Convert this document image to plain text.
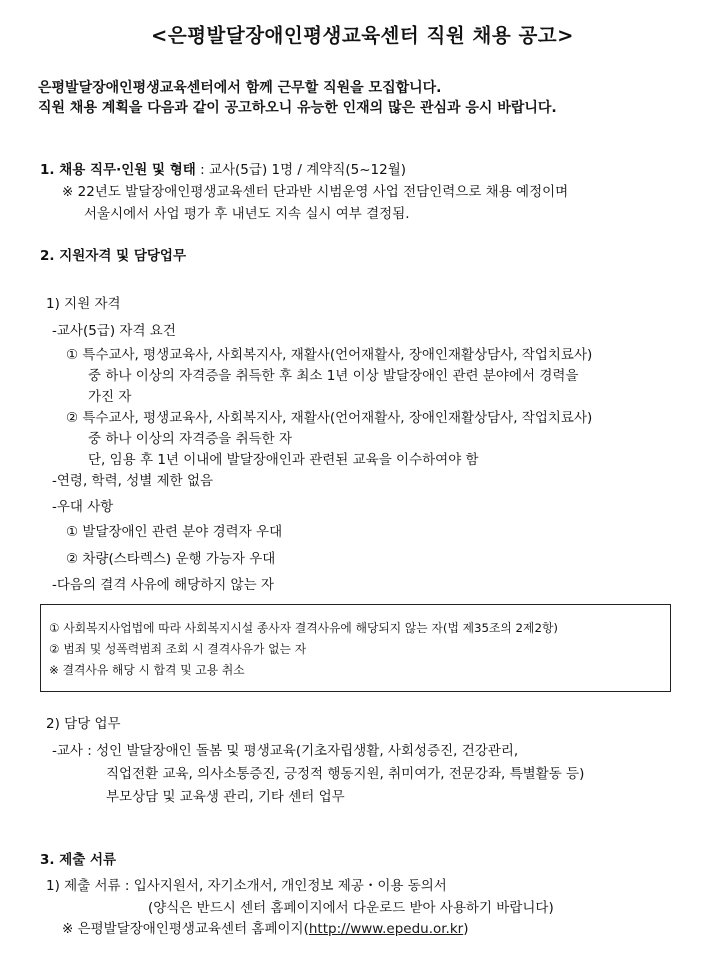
<은평발달장애인평생교육센터 직원 채용 공고>
은평발달장애인평생교육센터에서 함께 근무할 직원을 모집합니다.
직원 채용 계획을 다음과 같이 공고하오니 유능한 인재의 많은 관심과 응시 바랍니다.
1. 채용 직무·인원 및 형태 : 교사(5급) 1명 / 계약직(5~12월)
※ 22년도 발달장애인평생교육센터 단과반 시범운영 사업 전담인력으로 채용 예정이며
서울시에서 사업 평가 후 내년도 지속 실시 여부 결정됨.
2. 지원자격 및 담당업무
1) 지원 자격
-교사(5급) 자격 요건
① 특수교사, 평생교육사, 사회복지사, 재활사(언어재활사, 장애인재활상담사, 작업치료사)
중 하나 이상의 자격증을 취득한 후 최소 1년 이상 발달장애인 관련 분야에서 경력을
가진 자
② 특수교사, 평생교육사, 사회복지사, 재활사(언어재활사, 장애인재활상담사, 작업치료사)
중 하나 이상의 자격증을 취득한 자
단, 임용 후 1년 이내에 발달장애인과 관련된 교육을 이수하여야 함
-연령, 학력, 성별 제한 없음
-우대 사항
① 발달장애인 관련 분야 경력자 우대
② 차량(스타렉스) 운행 가능자 우대
-다음의 결격 사유에 해당하지 않는 자
① 사회복지사업법에 따라 사회복지시설 종사자 결격사유에 해당되지 않는 자(법 제35조의 2제2항)
② 범죄 및 성폭력범죄 조회 시 결격사유가 없는 자
※ 결격사유 해당 시 합격 및 고용 취소
2) 담당 업무
-교사 : 성인 발달장애인 돌봄 및 평생교육(기초자립생활, 사회성증진, 건강관리,
직업전환 교육, 의사소통증진, 긍정적 행동지원, 취미여가, 전문강좌, 특별활동 등)
부모상담 및 교육생 관리, 기타 센터 업무
3. 제출 서류
1) 제출 서류 : 입사지원서, 자기소개서, 개인정보 제공・이용 동의서
(양식은 반드시 센터 홈페이지에서 다운로드 받아 사용하기 바랍니다)
※ 은평발달장애인평생교육센터 홈페이지(http://www.epedu.or.kr)
